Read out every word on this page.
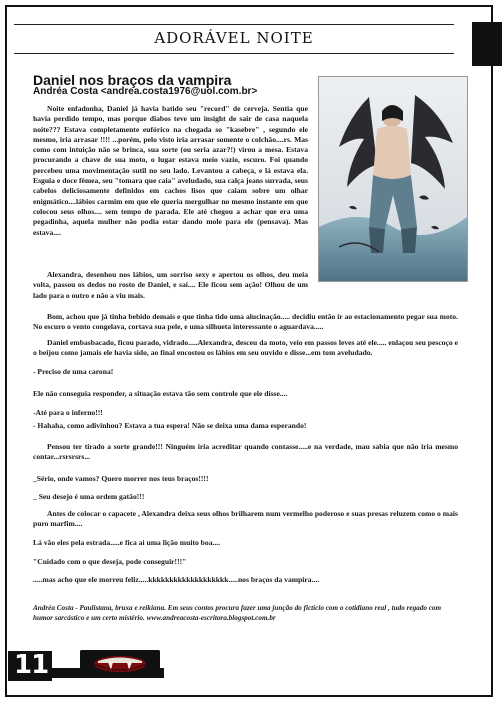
ADORÁVEL NOITE
Daniel nos braços da vampira
Andréa Costa <andrea.costa1976@uol.com.br>

Noite enfadonha, Daniel já havia batido seu "record" de cerveja. Sentia que havia perdido tempo, mas porque diabos teve um insight de sair de casa naquela noite??? Estava completamente eufórico na chegada so "kasebre" , segundo ele mesmo, iria arrasar !!!! ...porém, pelo visto iria arrasar somente o colchão....rs. Mas como com intuição não se brinca, sua sorte (ou seria azar?!) virou a mesa. Estava procurando a chave de sua moto, o lugar estava meio vazio, escuro. Foi quando percebeu uma movimentação sutil no seu lado. Levantou a cabeça, e lá estava ela. Esguia e doce fêmea, seu "tomara que caia" aveludado, sua calça jeans surrada, seus cabelos deliciosamente definidos em cachos lisos que caiam sobre um olhar enigmático....lábios carmim em que ele queria mergulhar no mesmo instante em que colocou seus olhos.... sem tempo de parada. Ele até chegou a achar que era uma pegadinha, aquela mulher não podia estar dando mole para ele (pensava). Mas estava....

Alexandra, desenhou nos lábios, um sorriso sexy e apertou os olhos, deu meia volta, passou os dedos no rosto de Daniel, e sai.... Ele ficou sem ação! Olhou de um lado para o outro e não a viu mais.

Bom, achou que já tinha bebido demais e que tinha tido uma alucinação..... decidiu então ir ao estacionamento pegar sua moto. No escuro o vento congelava, cortava sua pele, e uma silhueta interessante o aguardava.....

Daniel embasbacado, ficou parado, vidrado.....Alexandra, desceu da moto, veio em passos leves até ele..... enlaçou seu pescoço e o beijou como jamais ele havia sido, ao final encostou os lábios em seu ouvido e disse...em tom aveludado.

- Preciso de uma carona!

Ele não conseguia responder, a situação estava tão sem controle que ele disse....

-Até para o inferno!!!

- Hahaha, como adivinhou? Estava a tua espera! Não se deixa uma dama esperando!

Pensou ter tirado a sorte grande!!! Ninguém iria acreditar quando contasse.....e na verdade, mau sabia que não iria mesmo contar...rsrsrsrs...

_Sério, onde vamos? Quero morrer nos teus braços!!!!

_ Seu desejo é uma ordem gatão!!!

Antes de colocar o capacete , Alexandra deixa seus olhos brilharem num vermelho poderoso e suas presas reluzem como o mais puro marfim....

Lá vão eles pela estrada.....e fica ai uma lição muito boa....

"Cuidado com o que deseja, pode conseguir!!!"

.....mas acho que ele morreu feliz.....kkkkkkkkkkkkkkkkkkk.....nos braços da vampira....

Andréa Costa - Paulistana, bruxa e reikiana. Em seus contos procura fazer uma junção do fictício com o cotidiano real , tudo regado com humor sarcástico e um certo mistério. www.andreacosta-escritora.blogspot.com.br
11
